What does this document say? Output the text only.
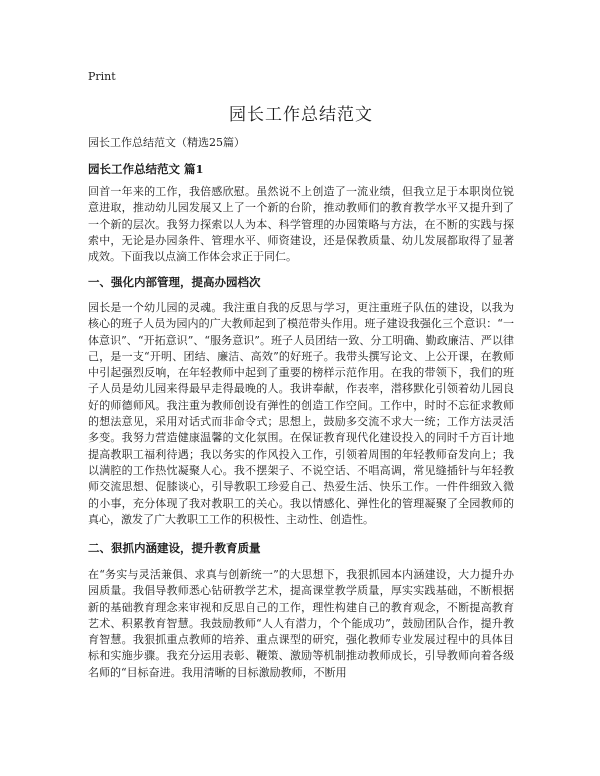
Print
园长工作总结范文

园长工作总结范文（精选25篇）

园长工作总结范文 篇1

回首一年来的工作，我倍感欣慰。虽然说不上创造了一流业绩，但我立足于本职岗位锐意进取，推动幼儿园发展又上了一个新的台阶，推动教师们的教育教学水平又提升到了一个新的层次。我努力探索以人为本、科学管理的办园策略与方法，在不断的实践与探索中，无论是办园条件、管理水平、师资建设，还是保教质量、幼儿发展都取得了显著成效。下面我以点滴工作体会求正于同仁。

一、强化内部管理，提高办园档次

园长是一个幼儿园的灵魂。我注重自我的反思与学习，更注重班子队伍的建设，以我为核心的班子人员为园内的广大教师起到了模范带头作用。班子建设我强化三个意识：“一体意识”、“开拓意识”、“服务意识”。班子人员团结一致、分工明确、勤政廉洁、严以律己，是一支“开明、团结、廉洁、高效”的好班子。我带头撰写论文、上公开课，在教师中引起强烈反响，在年轻教师中起到了重要的榜样示范作用。在我的带领下，我们的班子人员是幼儿园来得最早走得最晚的人。我讲奉献，作表率，潜移默化引领着幼儿园良好的师德师风。我注重为教师创设有弹性的创造工作空间。工作中，时时不忘征求教师的想法意见，采用对话式而非命令式；思想上，鼓励多交流不求大一统；工作方法灵活多变。我努力营造健康温馨的文化氛围。在保证教育现代化建设投入的同时千方百计地提高教职工福利待遇；我以务实的作风投入工作，引领着周围的年轻教师奋发向上；我以满腔的工作热忱凝聚人心。我不摆架子、不说空话、不唱高调，常见缝插针与年轻教师交流思想、促膝谈心，引导教职工珍爱自己、热爱生活、快乐工作。一件件细致入微的小事，充分体现了我对教职工的关心。我以情感化、弹性化的管理凝聚了全园教师的真心，激发了广大教职工工作的积极性、主动性、创造性。

二、狠抓内涵建设，提升教育质量

在“务实与灵活兼俱、求真与创新统一”的大思想下，我狠抓园本内涵建设，大力提升办园质量。我倡导教师悉心钻研教学艺术，提高课堂教学质量，厚实实践基础，不断根据新的基础教育理念来审视和反思自己的工作，理性构建自己的教育观念，不断提高教育艺术、积累教育智慧。我鼓励教师“人人有潜力，个个能成功”，鼓励团队合作，提升教育智慧。我狠抓重点教师的培养、重点课型的研究，强化教师专业发展过程中的具体目标和实施步骤。我充分运用表彰、鞭策、激励等机制推动教师成长，引导教师向着各级名师的“目标奋进。我用清晰的目标激励教师，不断用
